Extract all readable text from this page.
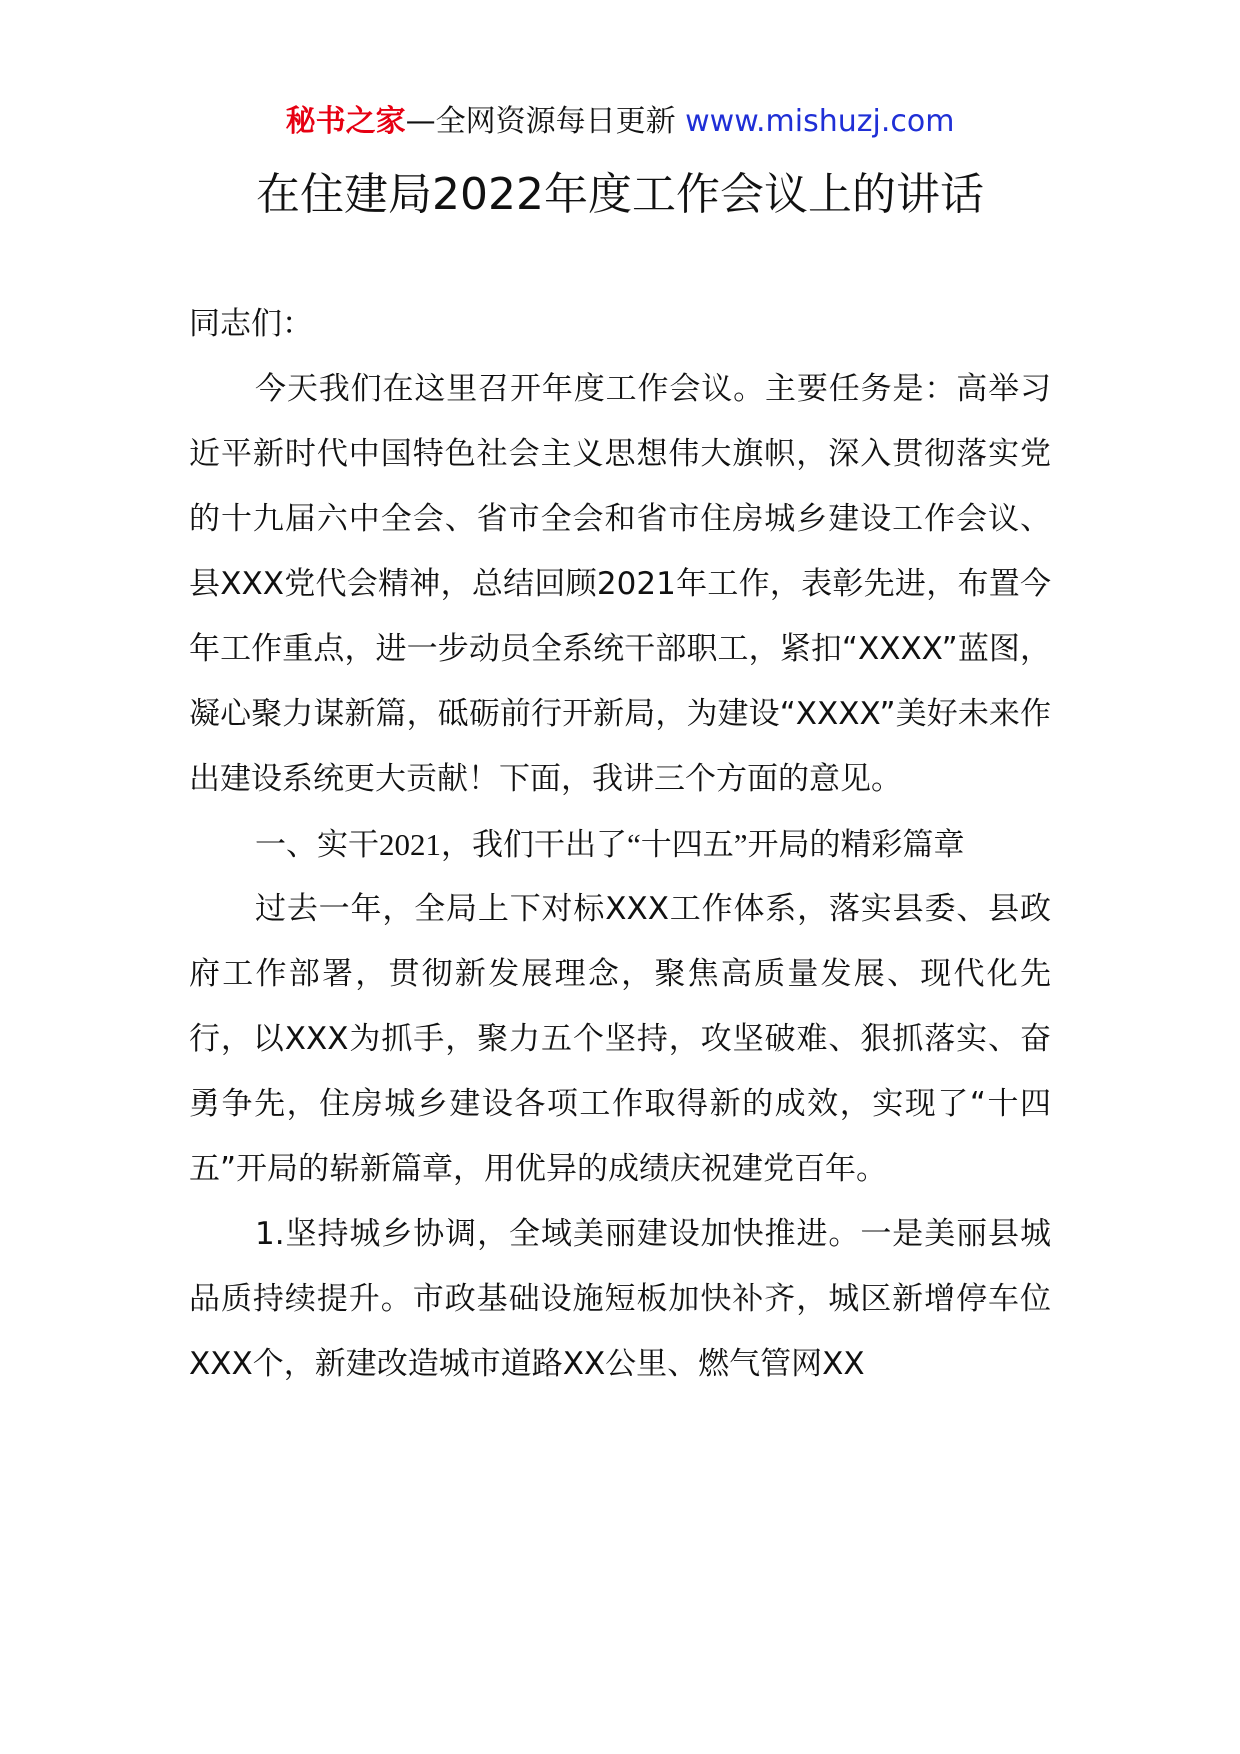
秘书之家—全网资源每日更新 www.mishuzj.com
在住建局2022年度工作会议上的讲话

同志们：

今天我们在这里召开年度工作会议。主要任务是：高举习近平新时代中国特色社会主义思想伟大旗帜，深入贯彻落实党的十九届六中全会、省市全会和省市住房城乡建设工作会议、县XXX党代会精神，总结回顾2021年工作，表彰先进，布置今年工作重点，进一步动员全系统干部职工，紧扣“XXXX”蓝图，凝心聚力谋新篇，砥砺前行开新局，为建设“XXXX”美好未来作出建设系统更大贡献！下面，我讲三个方面的意见。

一、实干2021，我们干出了“十四五”开局的精彩篇章

过去一年，全局上下对标XXX工作体系，落实县委、县政府工作部署，贯彻新发展理念，聚焦高质量发展、现代化先行，以XXX为抓手，聚力五个坚持，攻坚破难、狠抓落实、奋勇争先，住房城乡建设各项工作取得新的成效，实现了“十四五”开局的崭新篇章，用优异的成绩庆祝建党百年。

1.坚持城乡协调，全域美丽建设加快推进。一是美丽县城品质持续提升。市政基础设施短板加快补齐，城区新增停车位XXX个，新建改造城市道路XX公里、燃气管网XX
